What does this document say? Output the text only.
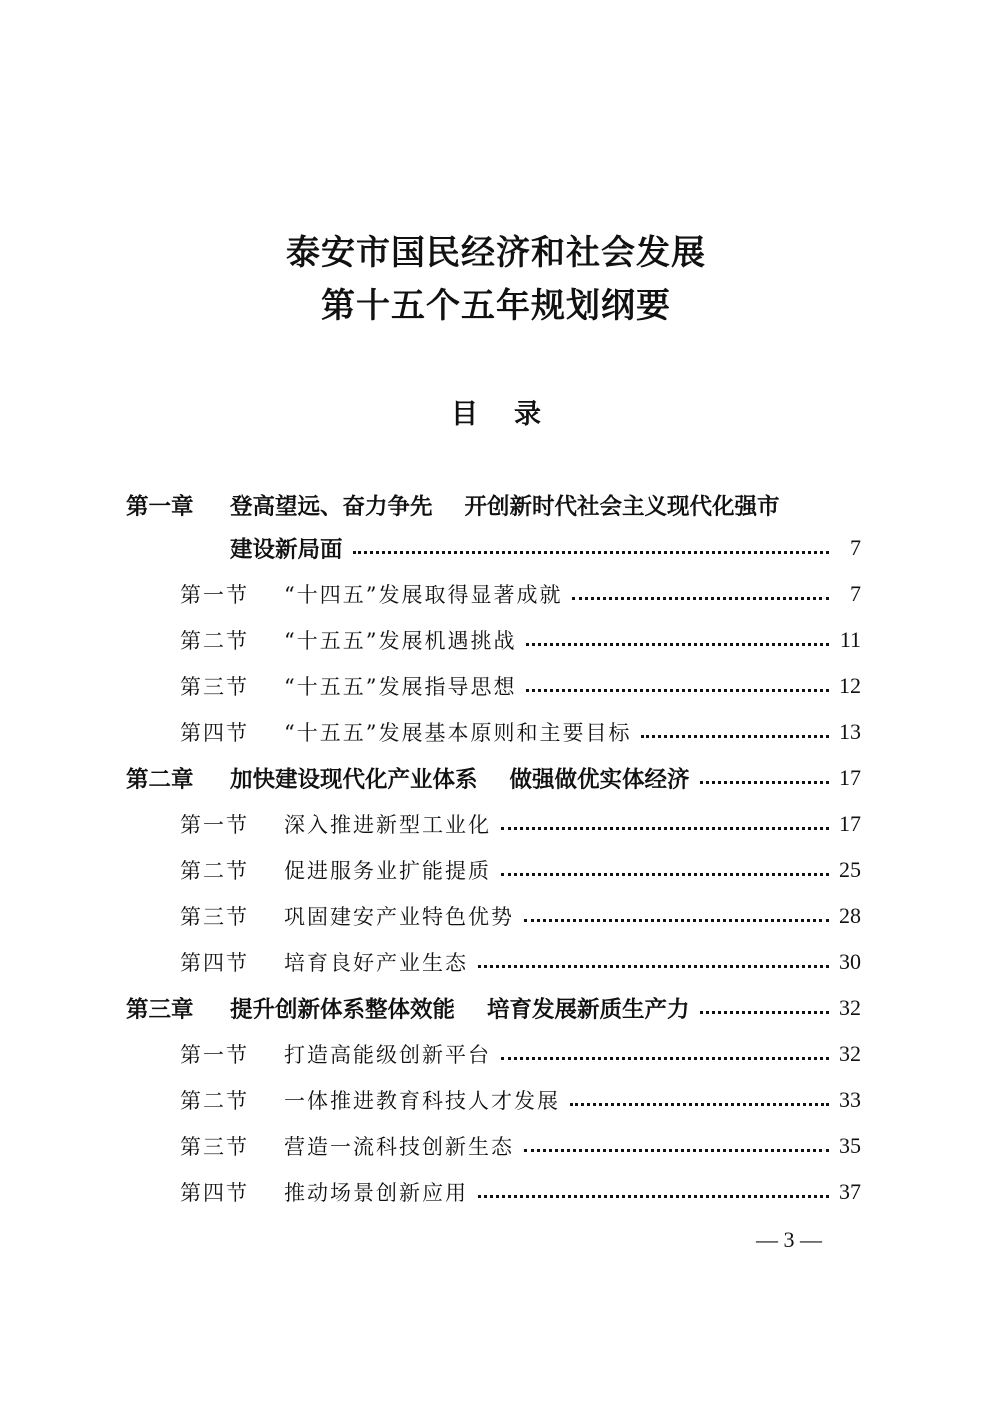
泰安市国民经济和社会发展
第十五个五年规划纲要
目 录
第一章	登高望远、奋力争先 开创新时代社会主义现代化强市
建设新局面	7
第一节	“十四五”发展取得显著成就	7
第二节	“十五五”发展机遇挑战	11
第三节	“十五五”发展指导思想	12
第四节	“十五五”发展基本原则和主要目标	13
第二章	加快建设现代化产业体系 做强做优实体经济	17
第一节	深入推进新型工业化	17
第二节	促进服务业扩能提质	25
第三节	巩固建安产业特色优势	28
第四节	培育良好产业生态	30
第三章	提升创新体系整体效能 培育发展新质生产力	32
第一节	打造高能级创新平台	32
第二节	一体推进教育科技人才发展	33
第三节	营造一流科技创新生态	35
第四节	推动场景创新应用	37
— 3 —
